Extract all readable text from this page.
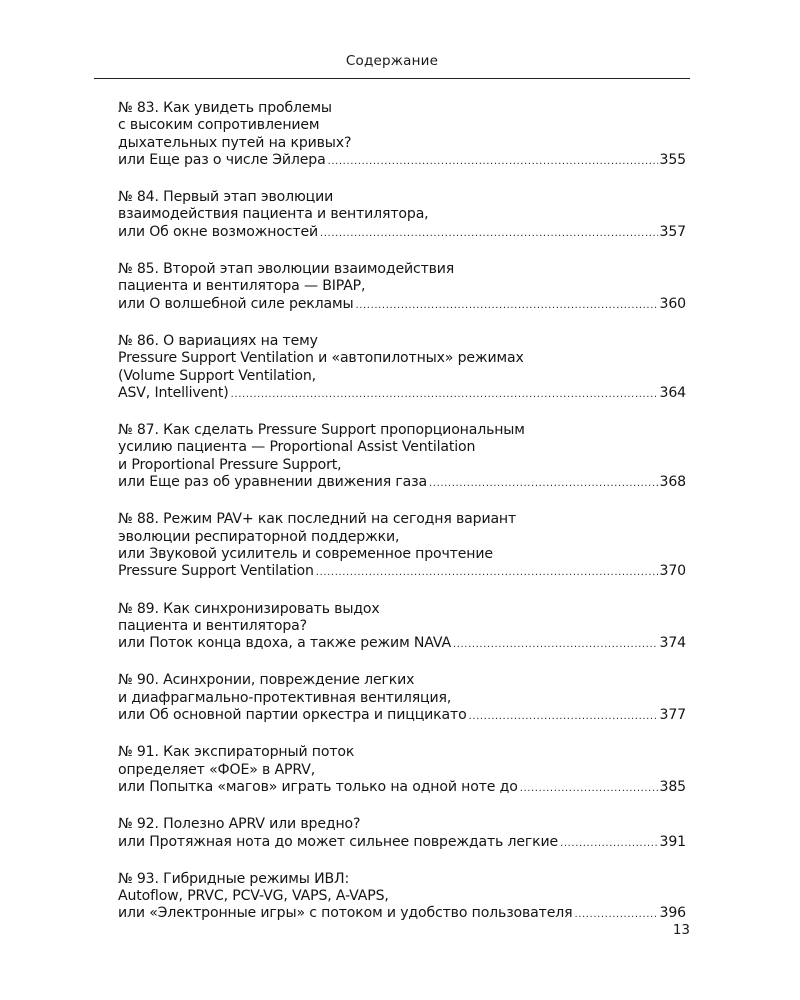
Содержание
№ 83. Как увидеть проблемы
с высоким сопротивлением
дыхательных путей на кривых?
или Еще раз о числе Эйлера .....	355
№ 84. Первый этап эволюции
взаимодействия пациента и вентилятора,
или Об окне возможностей .....	357
№ 85. Второй этап эволюции взаимодействия
пациента и вентилятора — BIPAP,
или О волшебной силе рекламы .....	360
№ 86. О вариациях на тему
Pressure Support Ventilation и «автопилотных» режимах
(Volume Support Ventilation,
ASV, Intellivent) .....	364
№ 87. Как сделать Pressure Support пропорциональным
усилию пациента — Proportional Assist Ventilation
и Proportional Pressure Support,
или Еще раз об уравнении движения газа .....	368
№ 88. Режим PAV+ как последний на сегодня вариант
эволюции респираторной поддержки,
или Звуковой усилитель и современное прочтение
Pressure Support Ventilation .....	370
№ 89. Как синхронизировать выдох
пациента и вентилятора?
или Поток конца вдоха, а также режим NAVA .....	374
№ 90. Асинхронии, повреждение легких
и диафрагмально-протективная вентиляция,
или Об основной партии оркестра и пиццикато .....	377
№ 91. Как экспираторный поток
определяет «ФОЕ» в APRV,
или Попытка «магов» играть только на одной ноте до .....	385
№ 92. Полезно APRV или вредно?
или Протяжная нота до может сильнее повреждать легкие .....	391
№ 93. Гибридные режимы ИВЛ:
Autoflow, PRVC, PCV-VG, VAPS, A-VAPS,
или «Электронные игры» с потоком и удобство пользователя .....	396
13
